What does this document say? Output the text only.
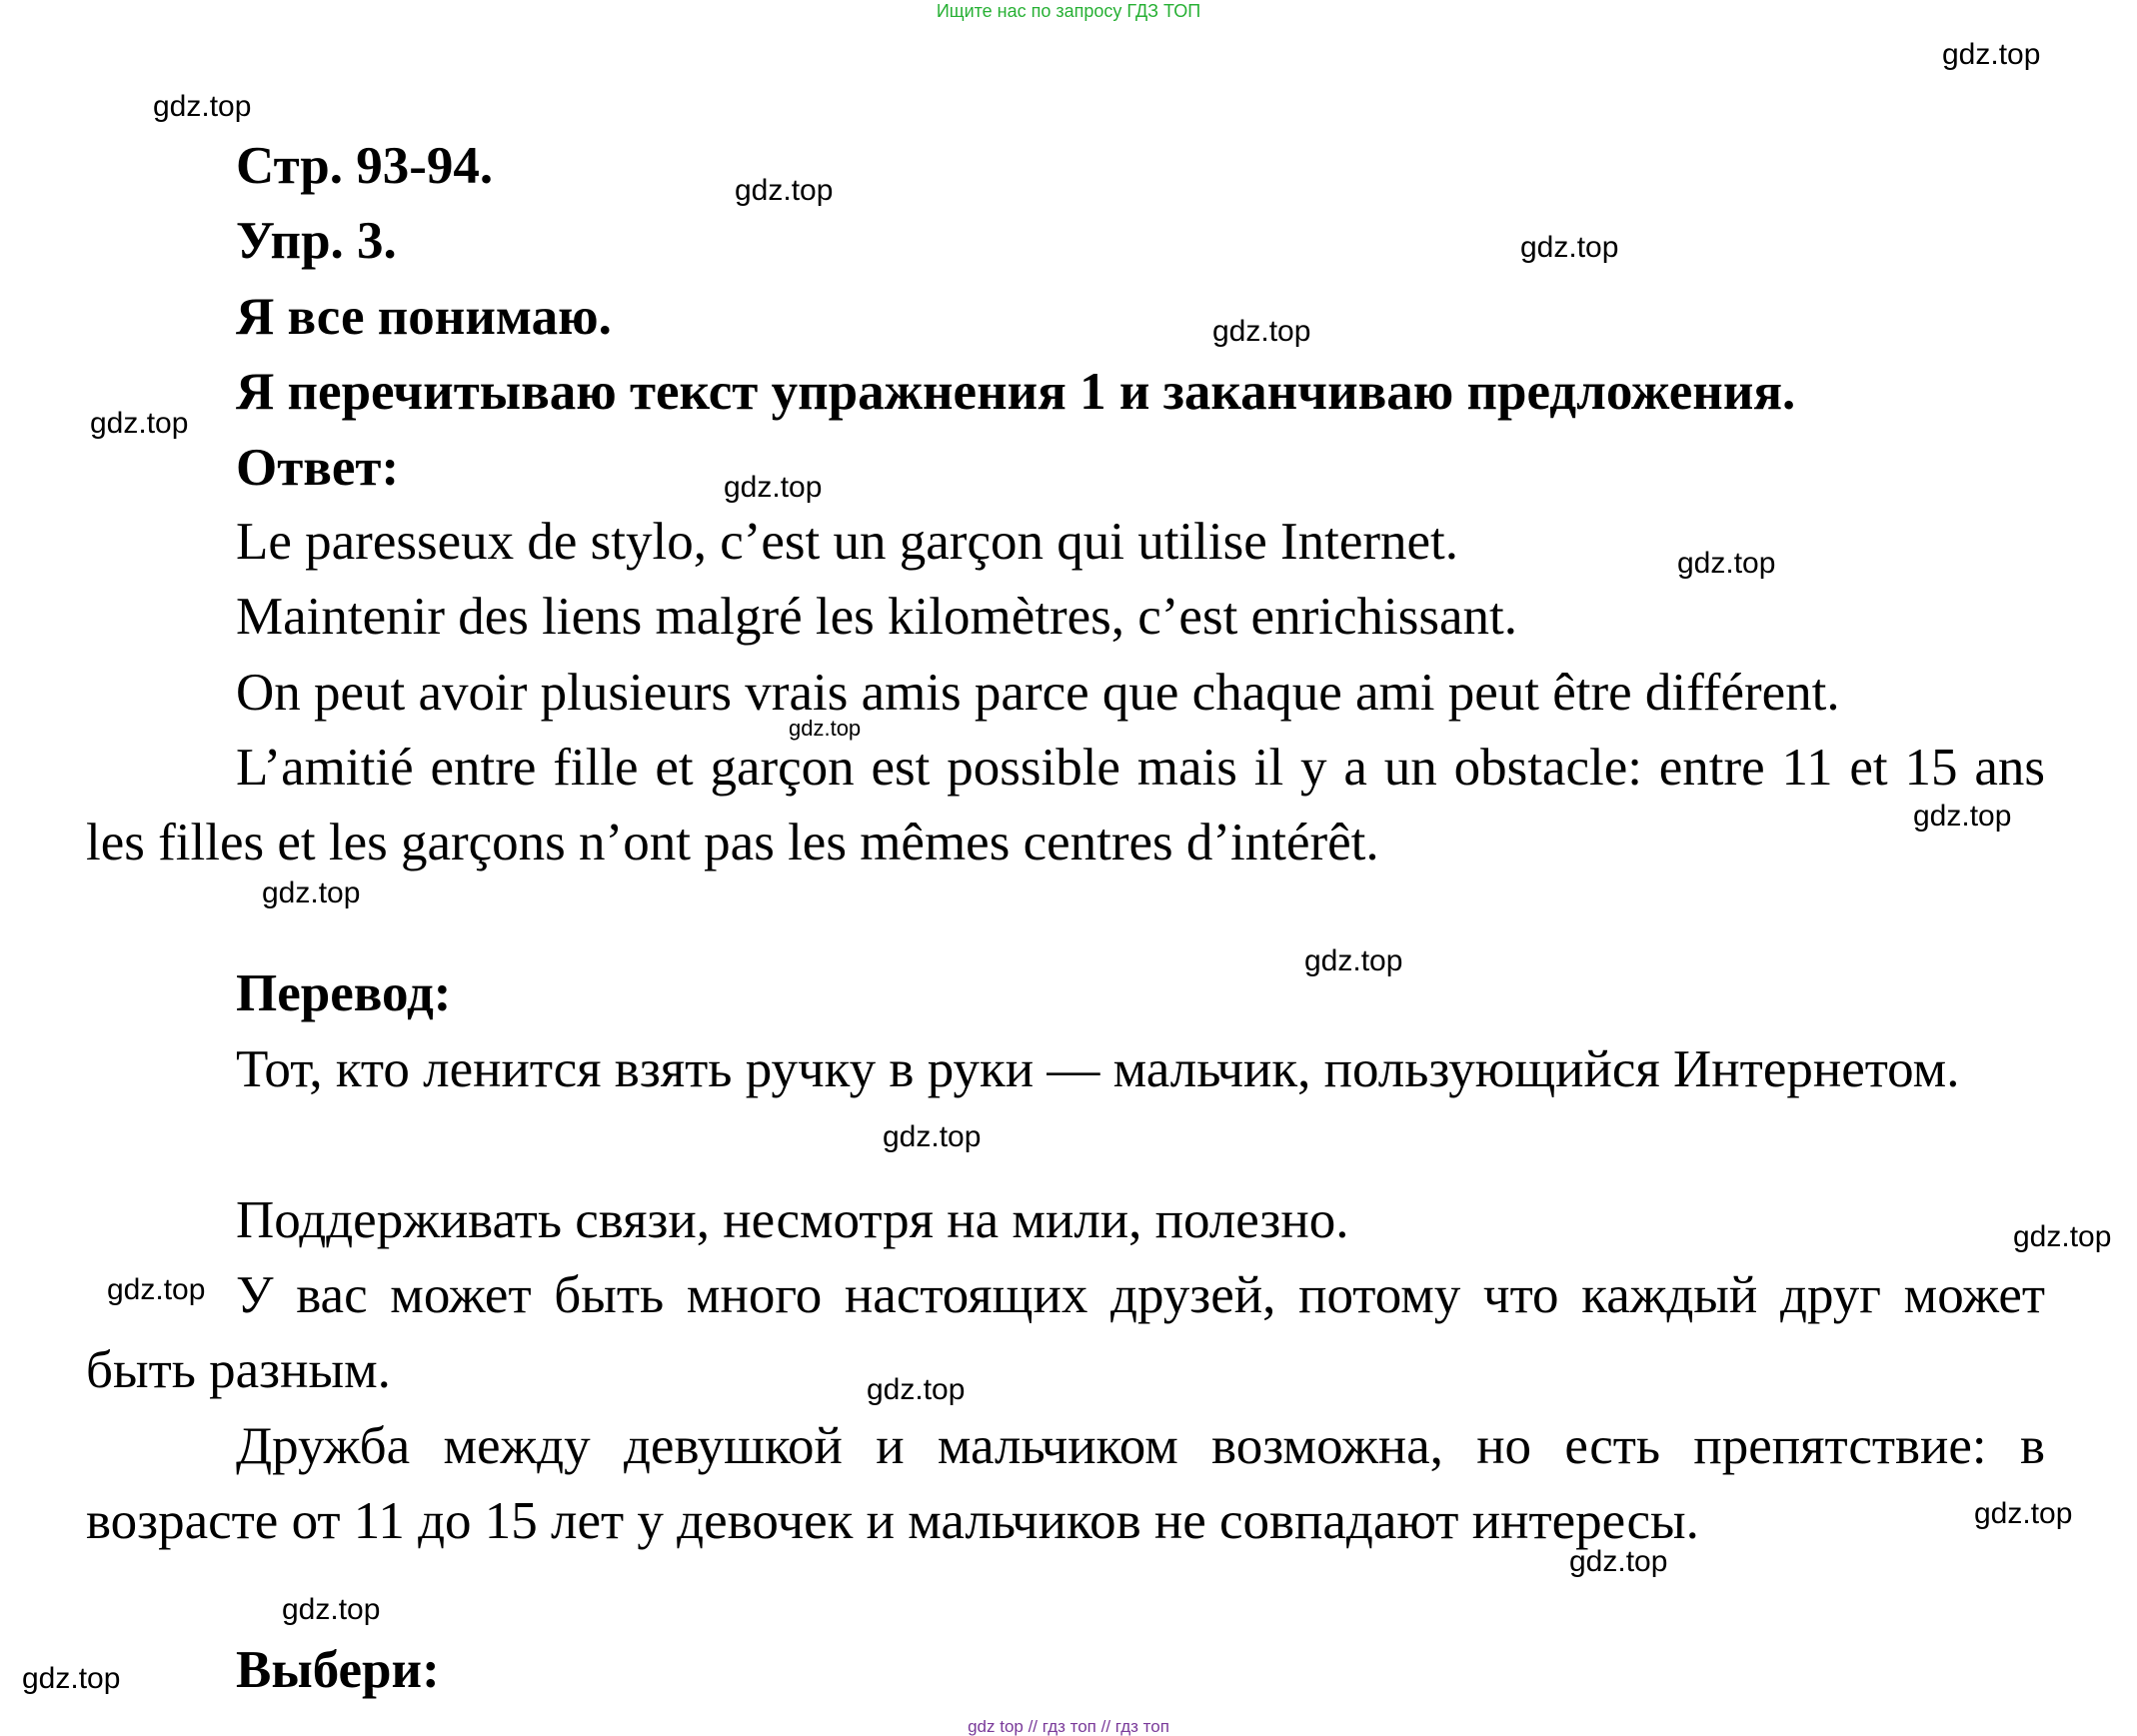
Ищите нас по запросу ГДЗ ТОП
Стр. 93-94.
Упр. 3.
Я все понимаю.
Я перечитываю текст упражнения 1 и заканчиваю предложения.
Ответ:

Le paresseux de stylo, c’est un garçon qui utilise Internet.

Maintenir des liens malgré les kilomètres, c’est enrichissant.

On peut avoir plusieurs vrais amis parce que chaque ami peut être différent.

L’amitié entre fille et garçon est possible mais il y a un obstacle: entre 11 et 15 ans les filles et les garçons n’ont pas les mêmes centres d’intérêt.

Перевод:

Тот, кто ленится взять ручку в руки — мальчик, пользующийся Интернетом.

Поддерживать связи, несмотря на мили, полезно.

У вас может быть много настоящих друзей, потому что каждый друг может быть разным.

Дружба между девушкой и мальчиком возможна, но есть препятствие: в возрасте от 11 до 15 лет у девочек и мальчиков не совпадают интересы.

Выбери:
gdz.top
gdz.top
gdz.top
gdz.top
gdz.top
gdz.top
gdz.top
gdz.top
gdz.top
gdz.top
gdz.top
gdz.top
gdz.top
gdz.top
gdz.top
gdz.top
gdz.top
gdz.top
gdz.top
gdz.top
gdz top // гдз топ // гдз топ
